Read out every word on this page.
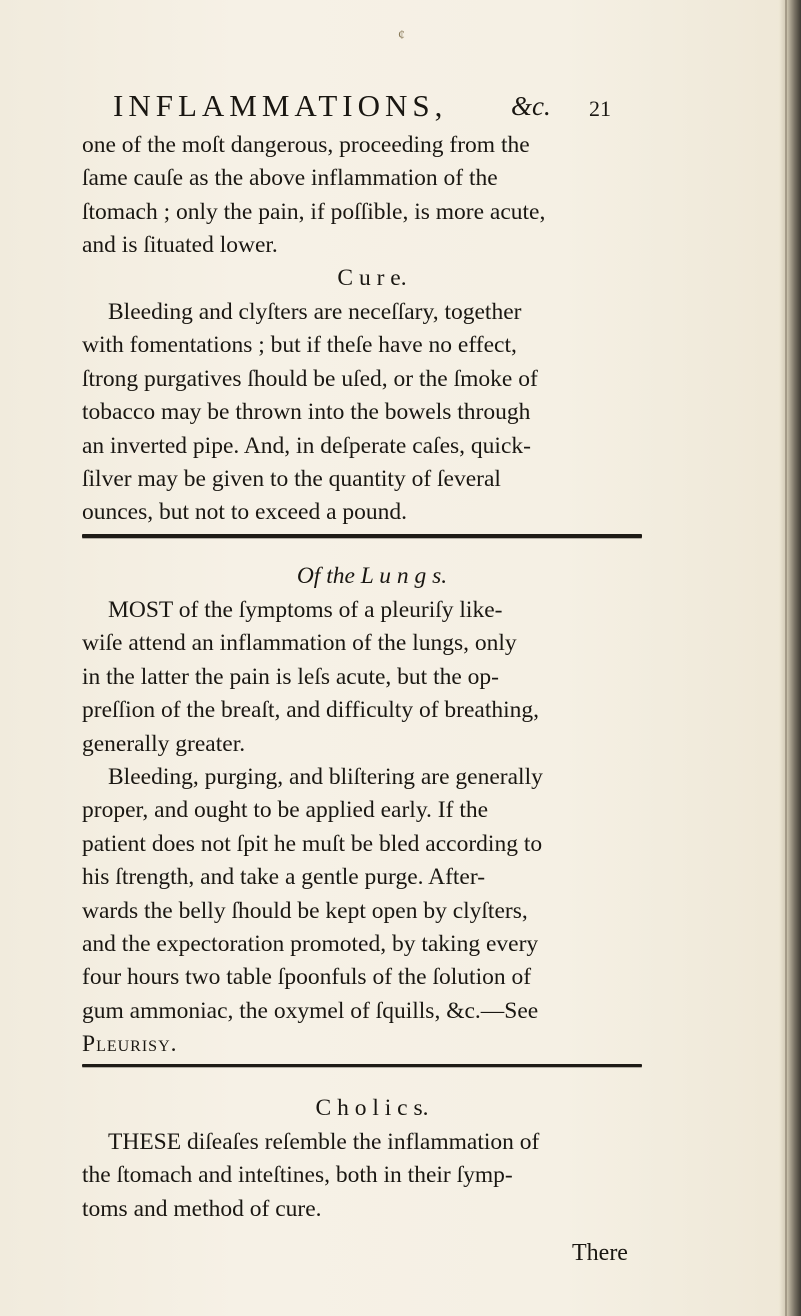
¢
INFLAMMATIONS, &c. 21
one of the moſt dangerous, proceeding from the
ſame cauſe as the above inflammation of the
ſtomach ; only the pain, if poſſible, is more acute,
and is ſituated lower.
C u r e.
Bleeding and clyſters are neceſſary, together
with fomentations ; but if theſe have no effect,
ſtrong purgatives ſhould be uſed, or the ſmoke of
tobacco may be thrown into the bowels through
an inverted pipe. And, in deſperate caſes, quick-
ſilver may be given to the quantity of ſeveral
ounces, but not to exceed a pound.
Of the L u n g s.
MOST of the ſymptoms of a pleuriſy like-
wiſe attend an inflammation of the lungs, only
in the latter the pain is leſs acute, but the op-
preſſion of the breaſt, and difficulty of breathing,
generally greater.
Bleeding, purging, and bliſtering are generally
proper, and ought to be applied early. If the
patient does not ſpit he muſt be bled according to
his ſtrength, and take a gentle purge. After-
wards the belly ſhould be kept open by clyſters,
and the expectoration promoted, by taking every
four hours two table ſpoonfuls of the ſolution of
gum ammoniac, the oxymel of ſquills, &c.—See
Pleurisy.
C h o l i c s.
THESE diſeaſes reſemble the inflammation of
the ſtomach and inteſtines, both in their ſymp-
toms and method of cure.
There
